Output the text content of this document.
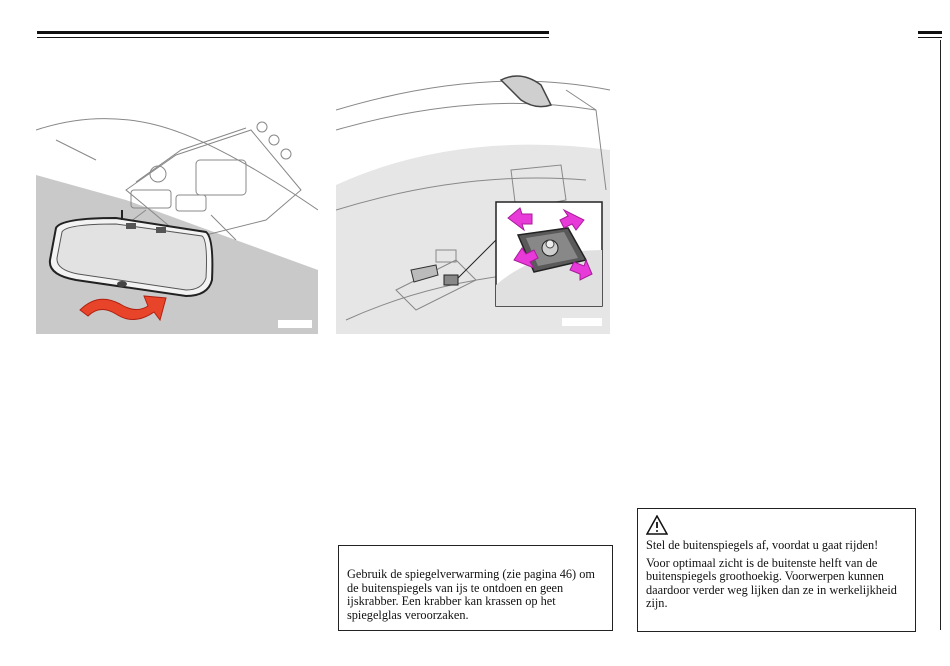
Gebruik de spiegelverwarming (zie pagina 46) om de buitenspiegels van ijs te ontdoen en geen ijskrabber. Een krabber kan krassen op het spiegelglas veroorzaken.

Stel de buitenspiegels af, voordat u gaat rijden!

Voor optimaal zicht is de buitenste helft van de buitenspiegels groothoekig. Voorwerpen kunnen daardoor verder weg lijken dan ze in werkelijkheid zijn.
